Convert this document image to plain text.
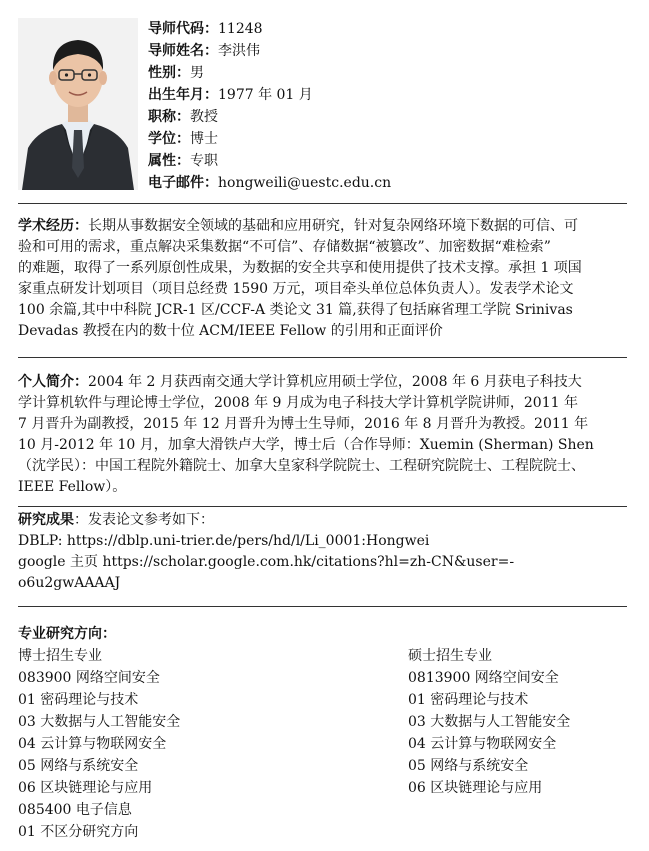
导师代码：11248
导师姓名：李洪伟
性别：男
出生年月：1977 年 01 月
职称：教授
学位：博士
属性：专职
电子邮件：hongweili@uestc.edu.cn
学术经历：长期从事数据安全领域的基础和应用研究，针对复杂网络环境下数据的可信、可
验和可用的需求，重点解决采集数据“不可信”、存储数据“被篡改”、加密数据“难检索”
的难题，取得了一系列原创性成果，为数据的安全共享和使用提供了技术支撑。承担 1 项国
家重点研发计划项目（项目总经费 1590 万元，项目牵头单位总体负责人）。发表学术论文
100 余篇,其中中科院 JCR-1 区/CCF-A 类论文 31 篇,获得了包括麻省理工学院 Srinivas
Devadas 教授在内的数十位 ACM/IEEE Fellow 的引用和正面评价
个人简介：2004 年 2 月获西南交通大学计算机应用硕士学位，2008 年 6 月获电子科技大
学计算机软件与理论博士学位，2008 年 9 月成为电子科技大学计算机学院讲师，2011 年
7 月晋升为副教授，2015 年 12 月晋升为博士生导师，2016 年 8 月晋升为教授。2011 年
10 月-2012 年 10 月，加拿大滑铁卢大学，博士后（合作导师：Xuemin (Sherman) Shen
（沈学民）：中国工程院外籍院士、加拿大皇家科学院院士、工程研究院院士、工程院院士、
IEEE Fellow）。
研究成果：发表论文参考如下：
DBLP: https://dblp.uni-trier.de/pers/hd/l/Li_0001:Hongwei
google 主页 https://scholar.google.com.hk/citations?hl=zh-CN&user=-
o6u2gwAAAAJ
专业研究方向：
博士招生专业
083900 网络空间安全
01 密码理论与技术
03 大数据与人工智能安全
04 云计算与物联网安全
05 网络与系统安全
06 区块链理论与应用
085400 电子信息
01 不区分研究方向
硕士招生专业
0813900 网络空间安全
01 密码理论与技术
03 大数据与人工智能安全
04 云计算与物联网安全
05 网络与系统安全
06 区块链理论与应用
